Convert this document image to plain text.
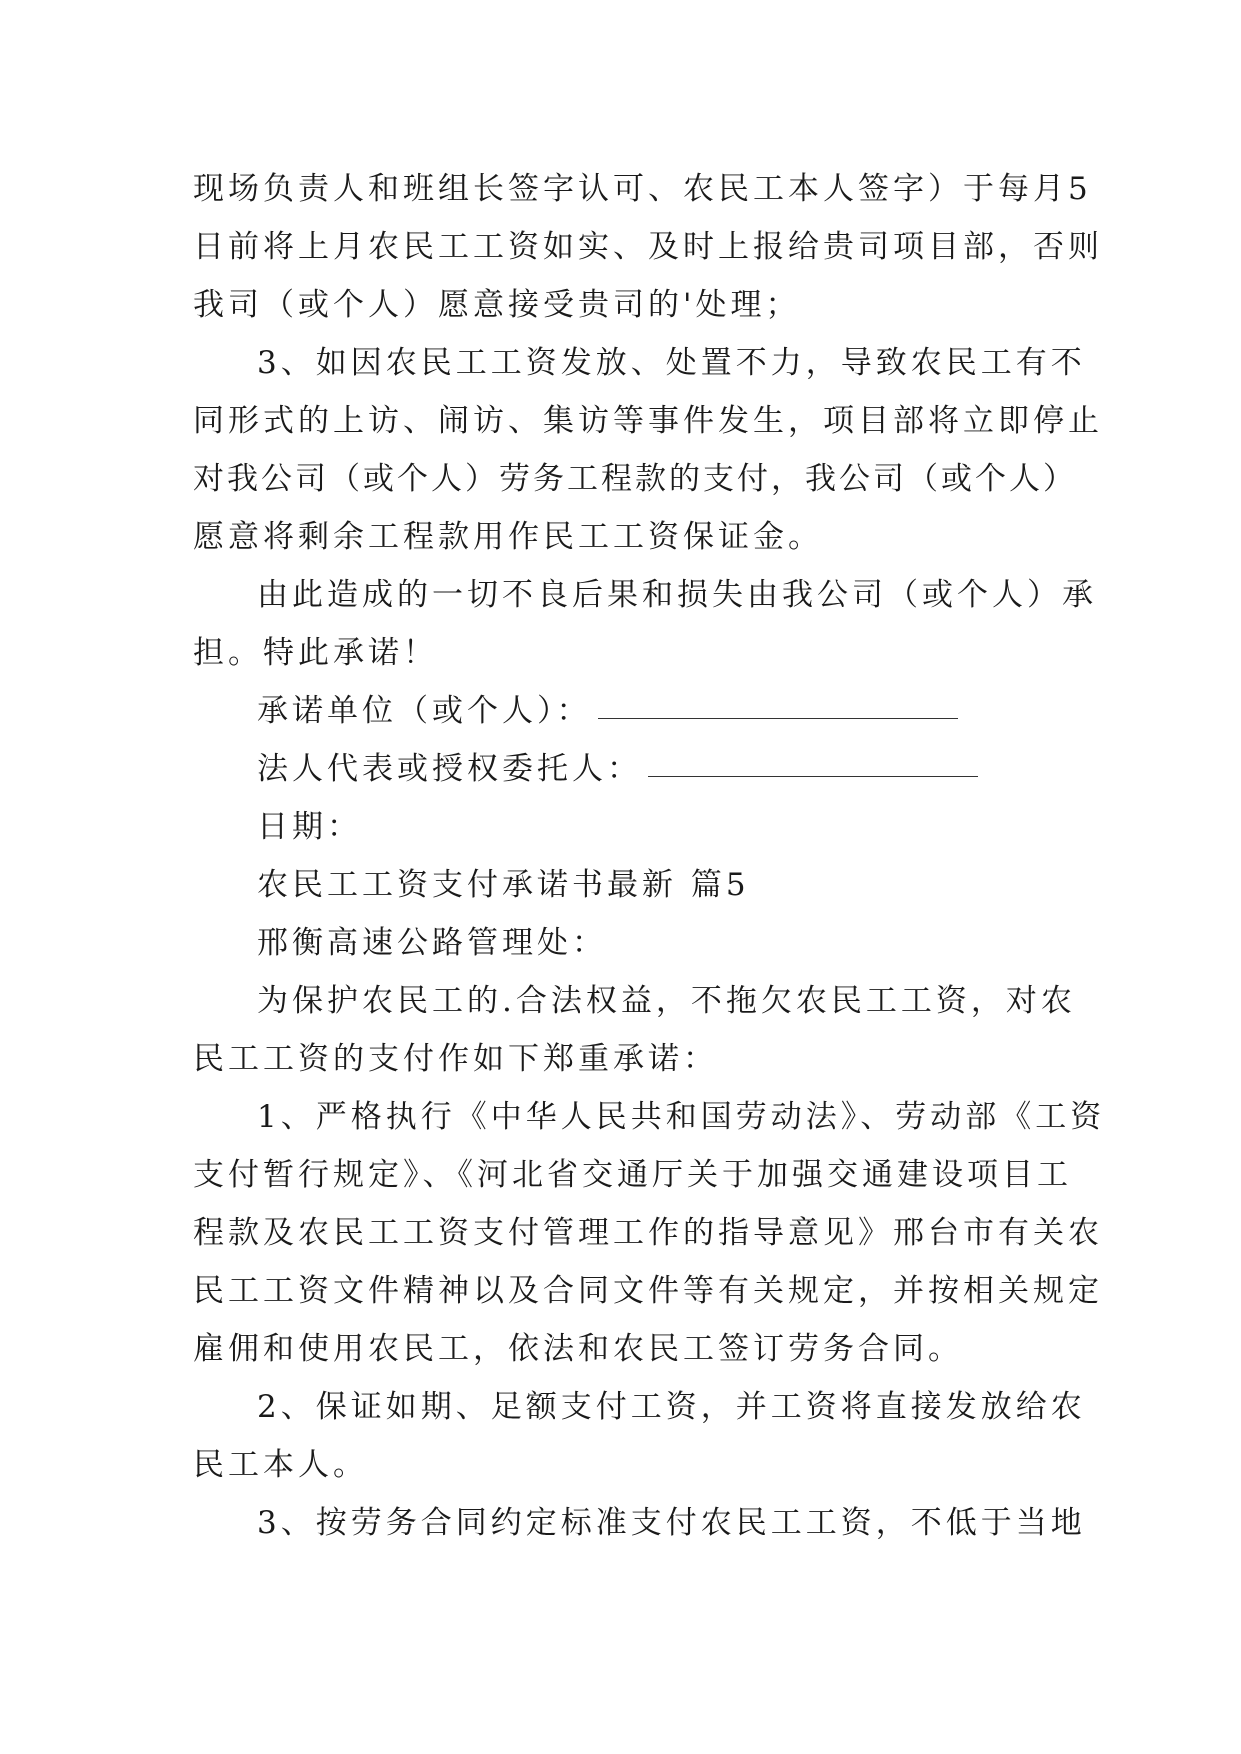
现场负责人和班组长签字认可、农民工本人签字）于每月5

日前将上月农民工工资如实、及时上报给贵司项目部，否则

我司（或个人）愿意接受贵司的'处理；

3、如因农民工工资发放、处置不力，导致农民工有不

同形式的上访、闹访、集访等事件发生，项目部将立即停止

对我公司（或个人）劳务工程款的支付，我公司（或个人）

愿意将剩余工程款用作民工工资保证金。

由此造成的一切不良后果和损失由我公司（或个人）承

担。特此承诺！

承诺单位（或个人）：

法人代表或授权委托人：

日期：

农民工工资支付承诺书最新 篇5

邢衡高速公路管理处：

为保护农民工的.合法权益，不拖欠农民工工资，对农

民工工资的支付作如下郑重承诺：

1、严格执行《中华人民共和国劳动法》、劳动部《工资

支付暂行规定》、《河北省交通厅关于加强交通建设项目工

程款及农民工工资支付管理工作的指导意见》邢台市有关农

民工工资文件精神以及合同文件等有关规定，并按相关规定

雇佣和使用农民工，依法和农民工签订劳务合同。

2、保证如期、足额支付工资，并工资将直接发放给农

民工本人。

3、按劳务合同约定标准支付农民工工资，不低于当地
